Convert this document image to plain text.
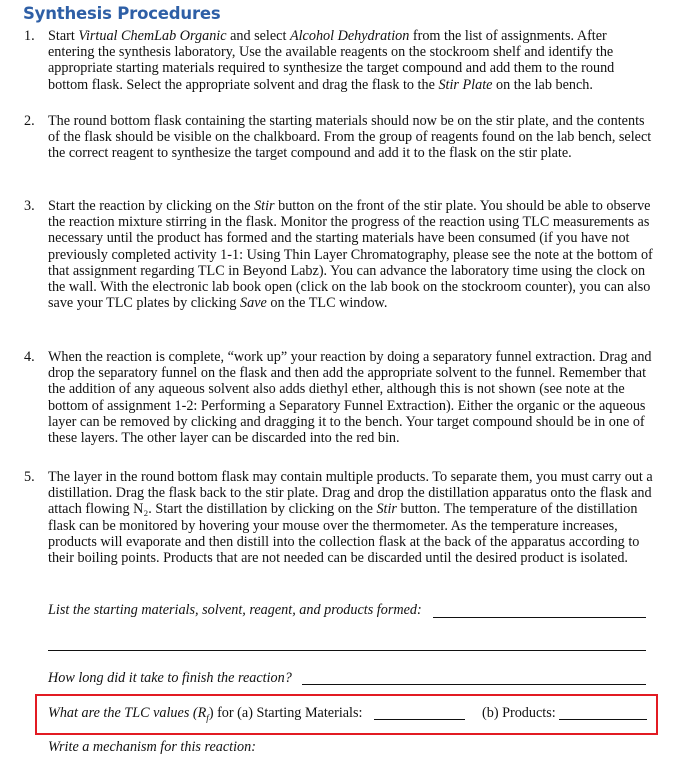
Synthesis Procedures
1. Start Virtual ChemLab Organic and select Alcohol Dehydration from the list of assignments. After entering the synthesis laboratory, Use the available reagents on the stockroom shelf and identify the appropriate starting materials required to synthesize the target compound and add them to the round bottom flask. Select the appropriate solvent and drag the flask to the Stir Plate on the lab bench.
2. The round bottom flask containing the starting materials should now be on the stir plate, and the contents of the flask should be visible on the chalkboard. From the group of reagents found on the lab bench, select the correct reagent to synthesize the target compound and add it to the flask on the stir plate.
3. Start the reaction by clicking on the Stir button on the front of the stir plate. You should be able to observe the reaction mixture stirring in the flask. Monitor the progress of the reaction using TLC measurements as necessary until the product has formed and the starting materials have been consumed (if you have not previously completed activity 1-1: Using Thin Layer Chromatography, please see the note at the bottom of that assignment regarding TLC in Beyond Labz). You can advance the laboratory time using the clock on the wall. With the electronic lab book open (click on the lab book on the stockroom counter), you can also save your TLC plates by clicking Save on the TLC window.
4. When the reaction is complete, “work up” your reaction by doing a separatory funnel extraction. Drag and drop the separatory funnel on the flask and then add the appropriate solvent to the funnel. Remember that the addition of any aqueous solvent also adds diethyl ether, although this is not shown (see note at the bottom of assignment 1-2: Performing a Separatory Funnel Extraction). Either the organic or the aqueous layer can be removed by clicking and dragging it to the bench. Your target compound should be in one of these layers. The other layer can be discarded into the red bin.
5. The layer in the round bottom flask may contain multiple products. To separate them, you must carry out a distillation. Drag the flask back to the stir plate. Drag and drop the distillation apparatus onto the flask and attach flowing N₂. Start the distillation by clicking on the Stir button. The temperature of the distillation flask can be monitored by hovering your mouse over the thermometer. As the temperature increases, products will evaporate and then distill into the collection flask at the back of the apparatus according to their boiling points. Products that are not needed can be discarded until the desired product is isolated.
List the starting materials, solvent, reagent, and products formed:
How long did it take to finish the reaction?
What are the TLC values $(R_f)$ for (a) Starting Materials:	(b) Products:
Write a mechanism for this reaction:
